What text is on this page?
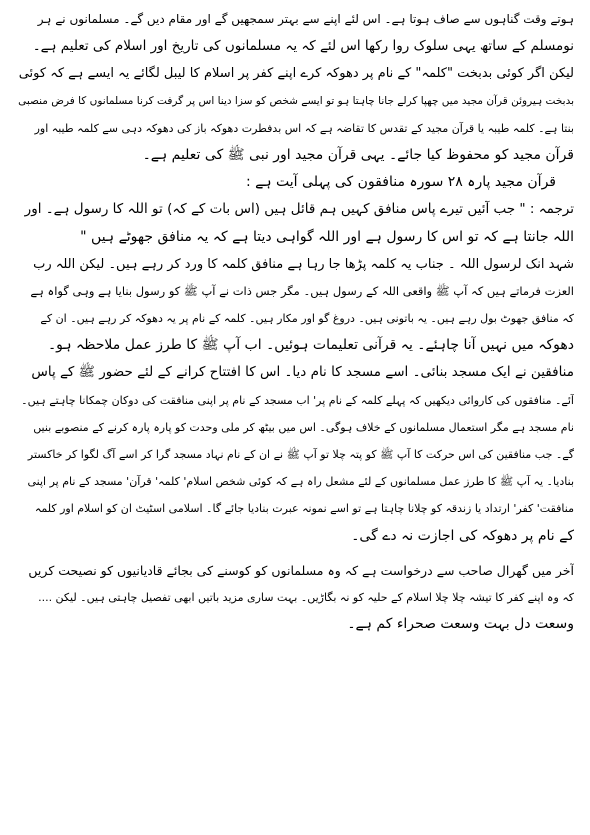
ہوتے وقت گناہوں سے صاف ہوتا ہے۔ اس لئے اپنے سے بہتر سمجھیں گے اور مقام دیں گے۔ مسلمانوں نے ہر
نومسلم کے ساتھ یہی سلوک روا رکھا اس لئے کہ یہ مسلمانوں کی تاریخ اور اسلام کی تعلیم ہے۔
لیکن اگر کوئی بدبخت "کلمہ" کے نام پر دھوکہ کرے اپنے کفر پر اسلام کا لیبل لگائے یہ ایسے ہے کہ کوئی
بدبخت ہیروئن قرآن مجید میں چھپا کرلے جانا چاہتا ہو تو ایسے شخص کو سزا دینا اس پر گرفت کرنا مسلمانوں کا فرض منصبی
بنتا ہے۔ کلمہ طیبہ یا قرآن مجید کے تقدس کا تقاضہ ہے کہ اس بدفطرت دھوکہ باز کی دھوکہ دہی سے کلمہ طیبہ اور
قرآن مجید کو محفوظ کیا جائے۔ یہی قرآن مجید اور نبی ﷺ کی تعلیم ہے۔
قرآن مجید پارہ ۲۸ سورہ منافقون کی پہلی آیت ہے :
ترجمہ : " جب آئیں تیرے پاس منافق کہیں ہم قائل ہیں (اس بات کے کہ) تو اللہ کا رسول ہے۔ اور
اللہ جانتا ہے کہ تو اس کا رسول ہے اور اللہ گواہی دیتا ہے کہ یہ منافق جھوٹے ہیں "
شہد انک لرسول اللہ ۔ جناب یہ کلمہ پڑھا جا رہا ہے منافق کلمہ کا ورد کر رہے ہیں۔ لیکن اللہ رب
العزت فرماتے ہیں کہ آپ ﷺ واقعی اللہ کے رسول ہیں۔ مگر جس ذات نے آپ ﷺ کو رسول بنایا ہے وہی گواہ ہے
کہ منافق جھوٹ بول رہے ہیں۔ یہ باتونی ہیں۔ دروغ گو اور مکار ہیں۔ کلمہ کے نام پر یہ دھوکہ کر رہے ہیں۔ ان کے
دھوکہ میں نہیں آنا چاہئے۔ یہ قرآنی تعلیمات ہوئیں۔ اب آپ ﷺ کا طرز عمل ملاحظہ ہو۔
منافقین نے ایک مسجد بنائی۔ اسے مسجد کا نام دیا۔ اس کا افتتاح کرانے کے لئے حضور ﷺ کے پاس
آئے۔ منافقوں کی کاروائی دیکھیں کہ پہلے کلمہ کے نام پر' اب مسجد کے نام پر اپنی منافقت کی دوکان چمکانا چاہتے ہیں۔
نام مسجد ہے مگر استعمال مسلمانوں کے خلاف ہوگی۔ اس میں بیٹھ کر ملی وحدت کو پارہ پارہ کرنے کے منصوبے بنیں
گے۔ جب منافقین کی اس حرکت کا آپ ﷺ کو پتہ چلا تو آپ ﷺ نے ان کے نام نہاد مسجد گرا کر اسے آگ لگوا کر خاکستر
بنادیا۔ یہ آپ ﷺ کا طرز عمل مسلمانوں کے لئے مشعل راہ ہے کہ کوئی شخص اسلام' کلمہ' قرآن' مسجد کے نام پر اپنی
منافقت' کفر' ارتداد یا زندقہ کو چلانا چاہتا ہے تو اسے نمونہ عبرت بنادیا جائے گا۔ اسلامی اسٹیٹ ان کو اسلام اور کلمہ
کے نام پر دھوکہ کی اجازت نہ دے گی۔
آخر میں گھرال صاحب سے درخواست ہے کہ وہ مسلمانوں کو کوسنے کی بجائے قادیانیوں کو نصیحت کریں
کہ وہ اپنے کفر کا تیشہ چلا چلا اسلام کے حلیہ کو نہ بگاڑیں۔ بہت ساری مزید باتیں ابھی تفصیل چاہتی ہیں۔ لیکن ....
وسعت دل بہت وسعت صحراء کم ہے۔
